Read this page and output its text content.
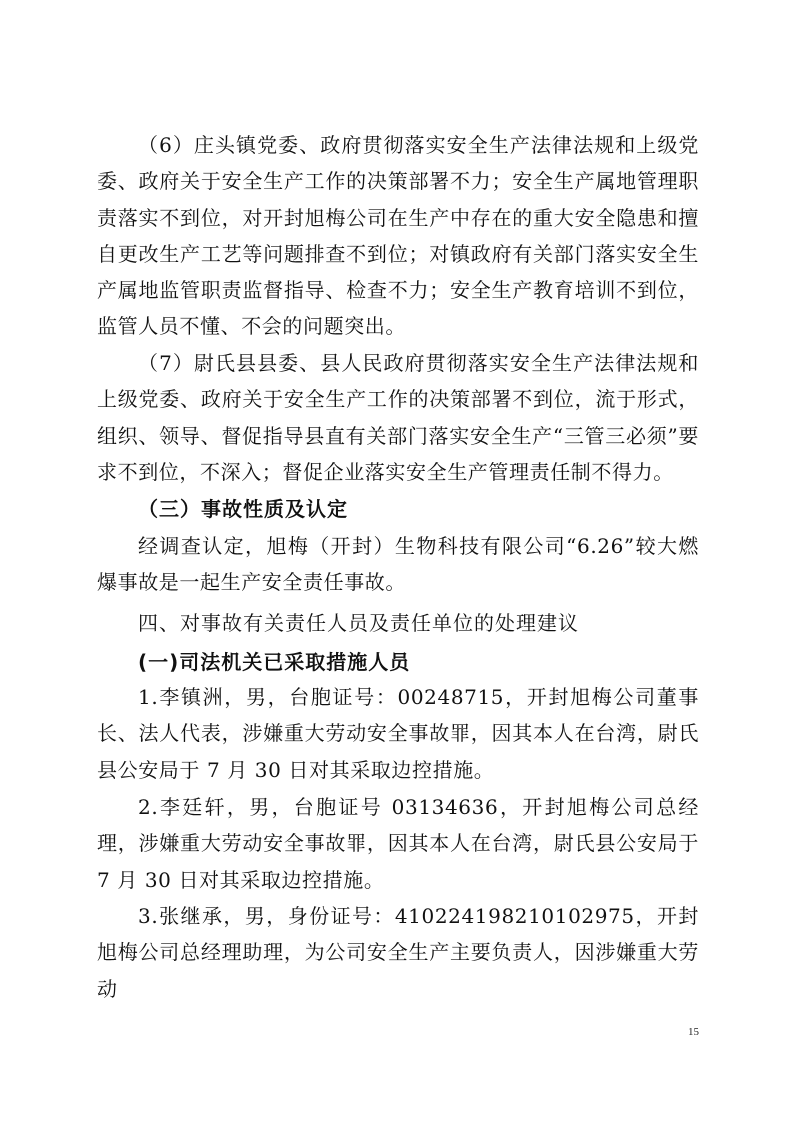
（6）庄头镇党委、政府贯彻落实安全生产法律法规和上级党委、政府关于安全生产工作的决策部署不力；安全生产属地管理职责落实不到位，对开封旭梅公司在生产中存在的重大安全隐患和擅自更改生产工艺等问题排查不到位；对镇政府有关部门落实安全生产属地监管职责监督指导、检查不力；安全生产教育培训不到位，监管人员不懂、不会的问题突出。
（7）尉氏县县委、县人民政府贯彻落实安全生产法律法规和上级党委、政府关于安全生产工作的决策部署不到位，流于形式，组织、领导、督促指导县直有关部门落实安全生产“三管三必须”要求不到位，不深入；督促企业落实安全生产管理责任制不得力。
（三）事故性质及认定
经调查认定，旭梅（开封）生物科技有限公司“6.26”较大燃爆事故是一起生产安全责任事故。
四、对事故有关责任人员及责任单位的处理建议
(一)司法机关已采取措施人员
1.李镇洲，男，台胞证号：00248715，开封旭梅公司董事长、法人代表，涉嫌重大劳动安全事故罪，因其本人在台湾，尉氏县公安局于 7 月 30 日对其采取边控措施。
2.李廷轩，男，台胞证号 03134636，开封旭梅公司总经理，涉嫌重大劳动安全事故罪，因其本人在台湾，尉氏县公安局于 7 月 30 日对其采取边控措施。
3.张继承，男，身份证号：410224198210102975，开封旭梅公司总经理助理，为公司安全生产主要负责人，因涉嫌重大劳动
15
